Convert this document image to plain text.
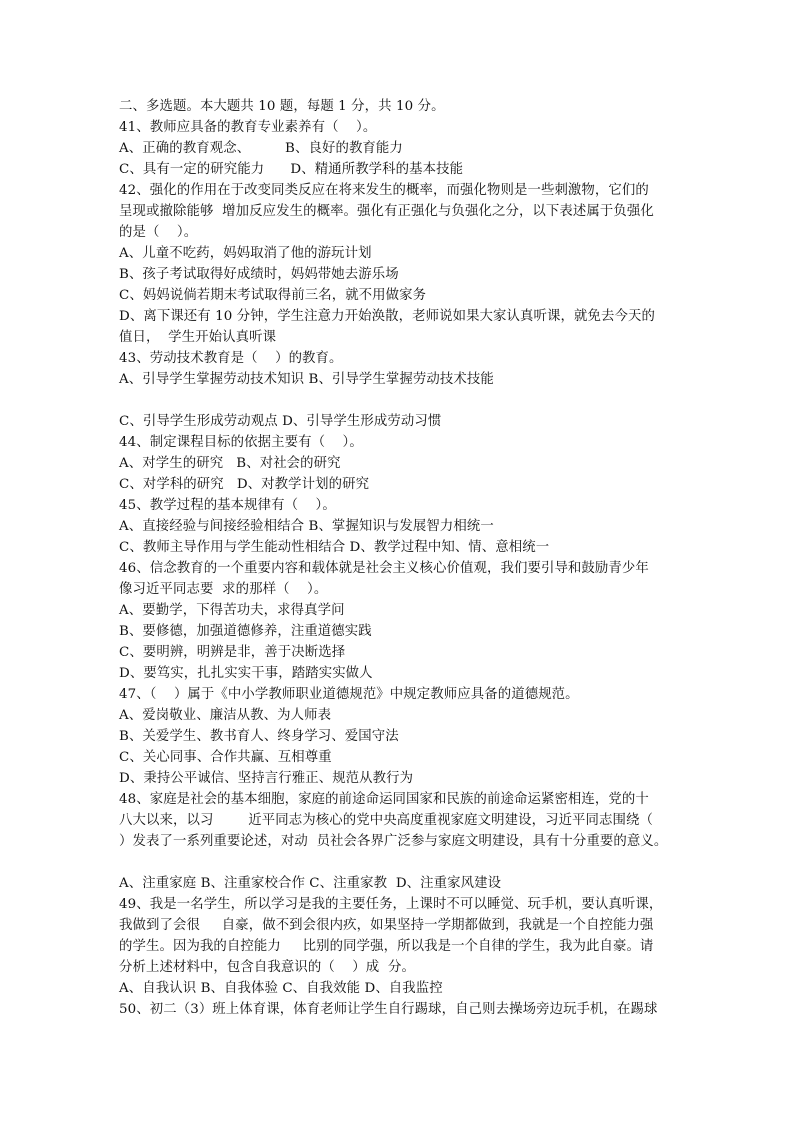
二、多选题。本大题共 10 题，每题 1 分，共 10 分。
41、教师应具备的教育专业素养有（    ）。
A、正确的教育观念、        B、良好的教育能力
C、具有一定的研究能力      D、精通所教学科的基本技能
42、强化的作用在于改变同类反应在将来发生的概率，而强化物则是一些刺激物，它们的
呈现或撤除能够  增加反应发生的概率。强化有正强化与负强化之分，以下表述属于负强化
的是（    ）。
A、儿童不吃药，妈妈取消了他的游玩计划
B、孩子考试取得好成绩时，妈妈带她去游乐场
C、妈妈说倘若期末考试取得前三名，就不用做家务
D、离下课还有 10 分钟，学生注意力开始涣散，老师说如果大家认真听课，就免去今天的
值日，  学生开始认真听课
43、劳动技术教育是（    ）的教育。
A、引导学生掌握劳动技术知识 B、引导学生掌握劳动技术技能
C、引导学生形成劳动观点 D、引导学生形成劳动习惯
44、制定课程目标的依据主要有（    ）。
A、对学生的研究   B、对社会的研究
C、对学科的研究   D、对教学计划的研究
45、教学过程的基本规律有（    ）。
A、直接经验与间接经验相结合 B、掌握知识与发展智力相统一
C、教师主导作用与学生能动性相结合 D、教学过程中知、情、意相统一
46、信念教育的一个重要内容和载体就是社会主义核心价值观，我们要引导和鼓励青少年
像习近平同志要  求的那样（    ）。
A、要勤学，下得苦功夫，求得真学问
B、要修德，加强道德修养，注重道德实践
C、要明辨，明辨是非，善于决断选择
D、要笃实，扎扎实实干事，踏踏实实做人
47、（    ）属于《中小学教师职业道德规范》中规定教师应具备的道德规范。
A、爱岗敬业、廉洁从教、为人师表
B、关爱学生、教书育人、终身学习、爱国守法
C、关心同事、合作共赢、互相尊重
D、秉持公平诚信、坚持言行雅正、规范从教行为
48、家庭是社会的基本细胞，家庭的前途命运同国家和民族的前途命运紧密相连，党的十
八大以来，以习        近平同志为核心的党中央高度重视家庭文明建设，习近平同志围绕（
）发表了一系列重要论述，对动  员社会各界广泛参与家庭文明建设，具有十分重要的意义。
A、注重家庭 B、注重家校合作 C、注重家教  D、注重家风建设
49、我是一名学生，所以学习是我的主要任务，上课时不可以睡觉、玩手机，要认真听课，
我做到了会很     自豪，做不到会很内疚，如果坚持一学期都做到，我就是一个自控能力强
的学生。因为我的自控能力     比别的同学强，所以我是一个自律的学生，我为此自豪。请
分析上述材料中，包含自我意识的（    ）成  分。
A、自我认识 B、自我体验 C、自我效能 D、自我监控
50、初二（3）班上体育课，体育老师让学生自行踢球，自己则去操场旁边玩手机，在踢球
